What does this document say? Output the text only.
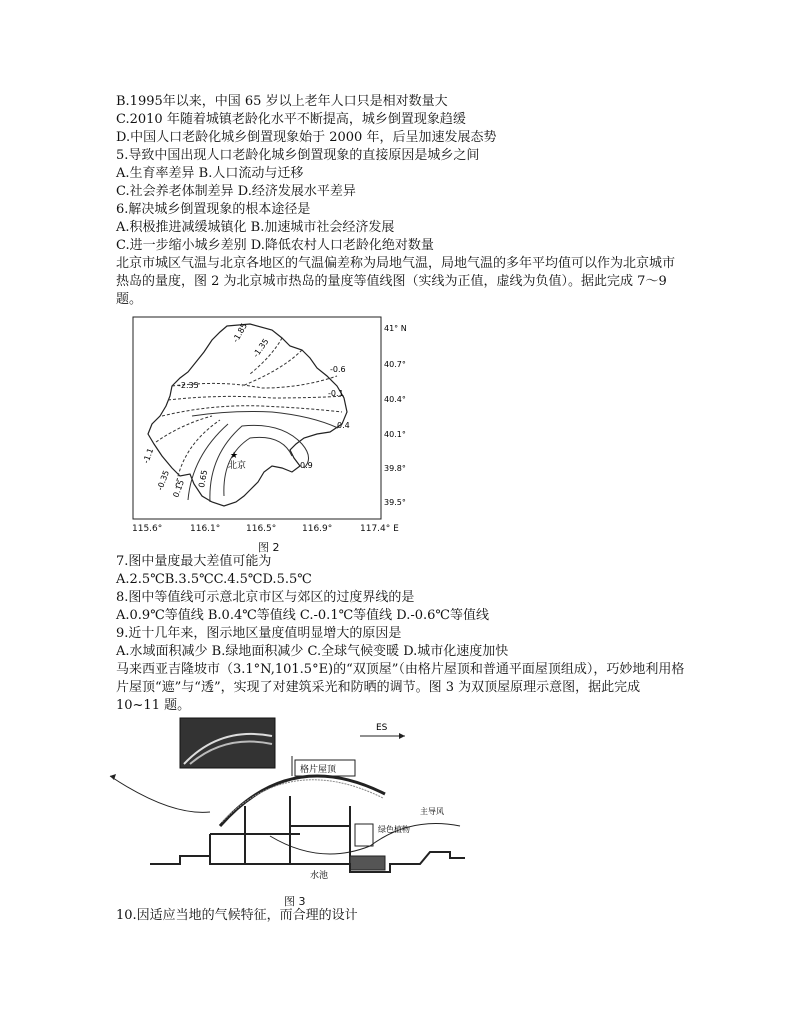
B.1995年以来，中国 65 岁以上老年人口只是相对数量大
C.2010 年随着城镇老龄化水平不断提高，城乡倒置现象趋缓
D.中国人口老龄化城乡倒置现象始于 2000 年，后呈加速发展态势
5.导致中国出现人口老龄化城乡倒置现象的直接原因是城乡之间
A.生育率差异 B.人口流动与迁移
C.社会养老体制差异 D.经济发展水平差异
6.解决城乡倒置现象的根本途径是
A.积极推进减缓城镇化 B.加速城市社会经济发展
C.进一步缩小城乡差别 D.降低农村人口老龄化绝对数量
北京市城区气温与北京各地区的气温偏差称为局地气温，局地气温的多年平均值可以作为北京城市热岛的量度，图 2 为北京城市热岛的量度等值线图（实线为正值，虚线为负值）。据此完成 7～9 题。
-1.85
-1.35
-0.6
-2.35
-0.1
0.4
-1.1
-0.35 0.15
0.65
0.9
★
北京
41° N
40.7°
40.4°
40.1°
39.8°
39.5°
115.6°	116.1°	116.5°	116.9°	117.4° E
图 2
7.图中量度最大差值可能为
A.2.5℃B.3.5℃C.4.5℃D.5.5℃
8.图中等值线可示意北京市区与郊区的过度界线的是
A.0.9℃等值线 B.0.4℃等值线 C.-0.1℃等值线 D.-0.6℃等值线
9.近十几年来，图示地区量度值明显增大的原因是
A.水域面积减少 B.绿地面积减少 C.全球气候变暖 D.城市化速度加快
马来西亚吉隆坡市（3.1°N,101.5°E)的“双顶屋”（由格片屋顶和普通平面屋顶组成），巧妙地利用格片屋顶“遮”与“透”，实现了对建筑采光和防晒的调节。图 3 为双顶屋原理示意图，据此完成 10~11 题。
ES
格片屋顶
绿色植物
水池
主导风
图 3
10.因适应当地的气候特征，而合理的设计
